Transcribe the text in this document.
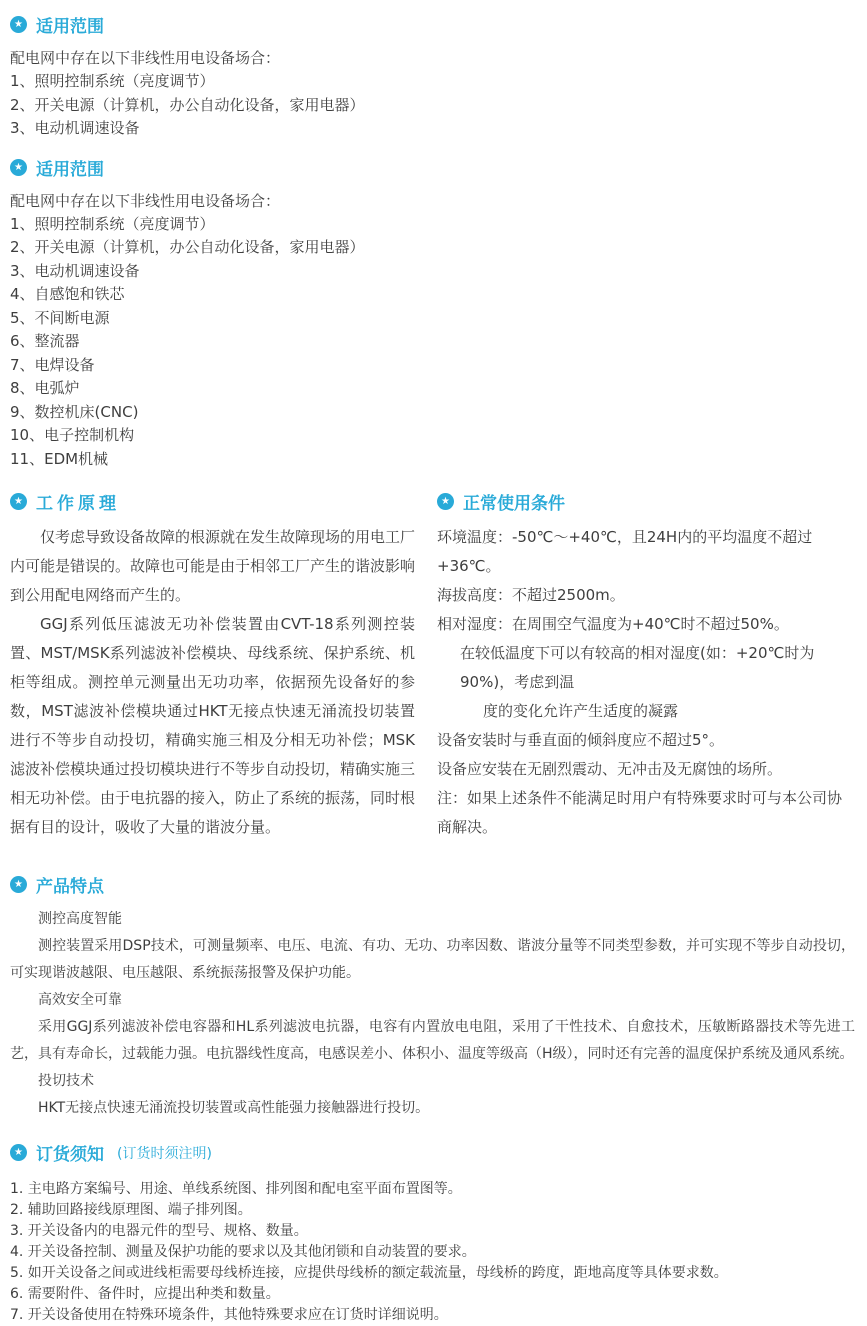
★ 适用范围
配电网中存在以下非线性用电设备场合：
1、照明控制系统（亮度调节）
2、开关电源（计算机，办公自动化设备，家用电器）
3、电动机调速设备
★ 适用范围
配电网中存在以下非线性用电设备场合：
1、照明控制系统（亮度调节）
2、开关电源（计算机，办公自动化设备，家用电器）
3、电动机调速设备
4、自感饱和铁芯
5、不间断电源
6、整流器
7、电焊设备
8、电弧炉
9、数控机床(CNC)
10、电子控制机构
11、EDM机械
★ 工作原理

仅考虑导致设备故障的根源就在发生故障现场的用电工厂内可能是错误的。故障也可能是由于相邻工厂产生的谐波影响到公用配电网络而产生的。

GGJ系列低压滤波无功补偿装置由CVT-18系列测控装置、MST/MSK系列滤波补偿模块、母线系统、保护系统、机柜等组成。测控单元测量出无功功率，依据预先设备好的参数，MST滤波补偿模块通过HKT无接点快速无涌流投切装置进行不等步自动投切，精确实施三相及分相无功补偿；MSK滤波补偿模块通过投切模块进行不等步自动投切，精确实施三相无功补偿。由于电抗器的接入，防止了系统的振荡，同时根据有目的设计，吸收了大量的谐波分量。

★ 正常使用条件
环境温度：-50℃～+40℃，且24H内的平均温度不超过+36℃。
海拔高度：不超过2500m。
相对湿度：在周围空气温度为+40℃时不超过50%。
在较低温度下可以有较高的相对湿度(如：+20℃时为90%)，考虑到温
度的变化允许产生适度的凝露
设备安装时与垂直面的倾斜度应不超过5°。
设备应安装在无剧烈震动、无冲击及无腐蚀的场所。
注：如果上述条件不能满足时用户有特殊要求时可与本公司协商解决。
★ 产品特点
测控高度智能

测控装置采用DSP技术，可测量频率、电压、电流、有功、无功、功率因数、谐波分量等不同类型参数，并可实现不等步自动投切，可实现谐波越限、电压越限、系统振荡报警及保护功能。

高效安全可靠

采用GGJ系列滤波补偿电容器和HL系列滤波电抗器，电容有内置放电电阻，采用了干性技术、自愈技术，压敏断路器技术等先进工艺，具有寿命长，过载能力强。电抗器线性度高，电感误差小、体积小、温度等级高（H级），同时还有完善的温度保护系统及通风系统。

投切技术

HKT无接点快速无涌流投切装置或高性能强力接触器进行投切。

★ 订货须知 (订货时须注明)
1. 主电路方案编号、用途、单线系统图、排列图和配电室平面布置图等。
2. 辅助回路接线原理图、端子排列图。
3. 开关设备内的电器元件的型号、规格、数量。
4. 开关设备控制、测量及保护功能的要求以及其他闭锁和自动装置的要求。
5. 如开关设备之间或进线柜需要母线桥连接，应提供母线桥的额定载流量，母线桥的跨度，距地高度等具体要求数。
6. 需要附件、备件时，应提出种类和数量。
7. 开关设备使用在特殊环境条件，其他特殊要求应在订货时详细说明。
